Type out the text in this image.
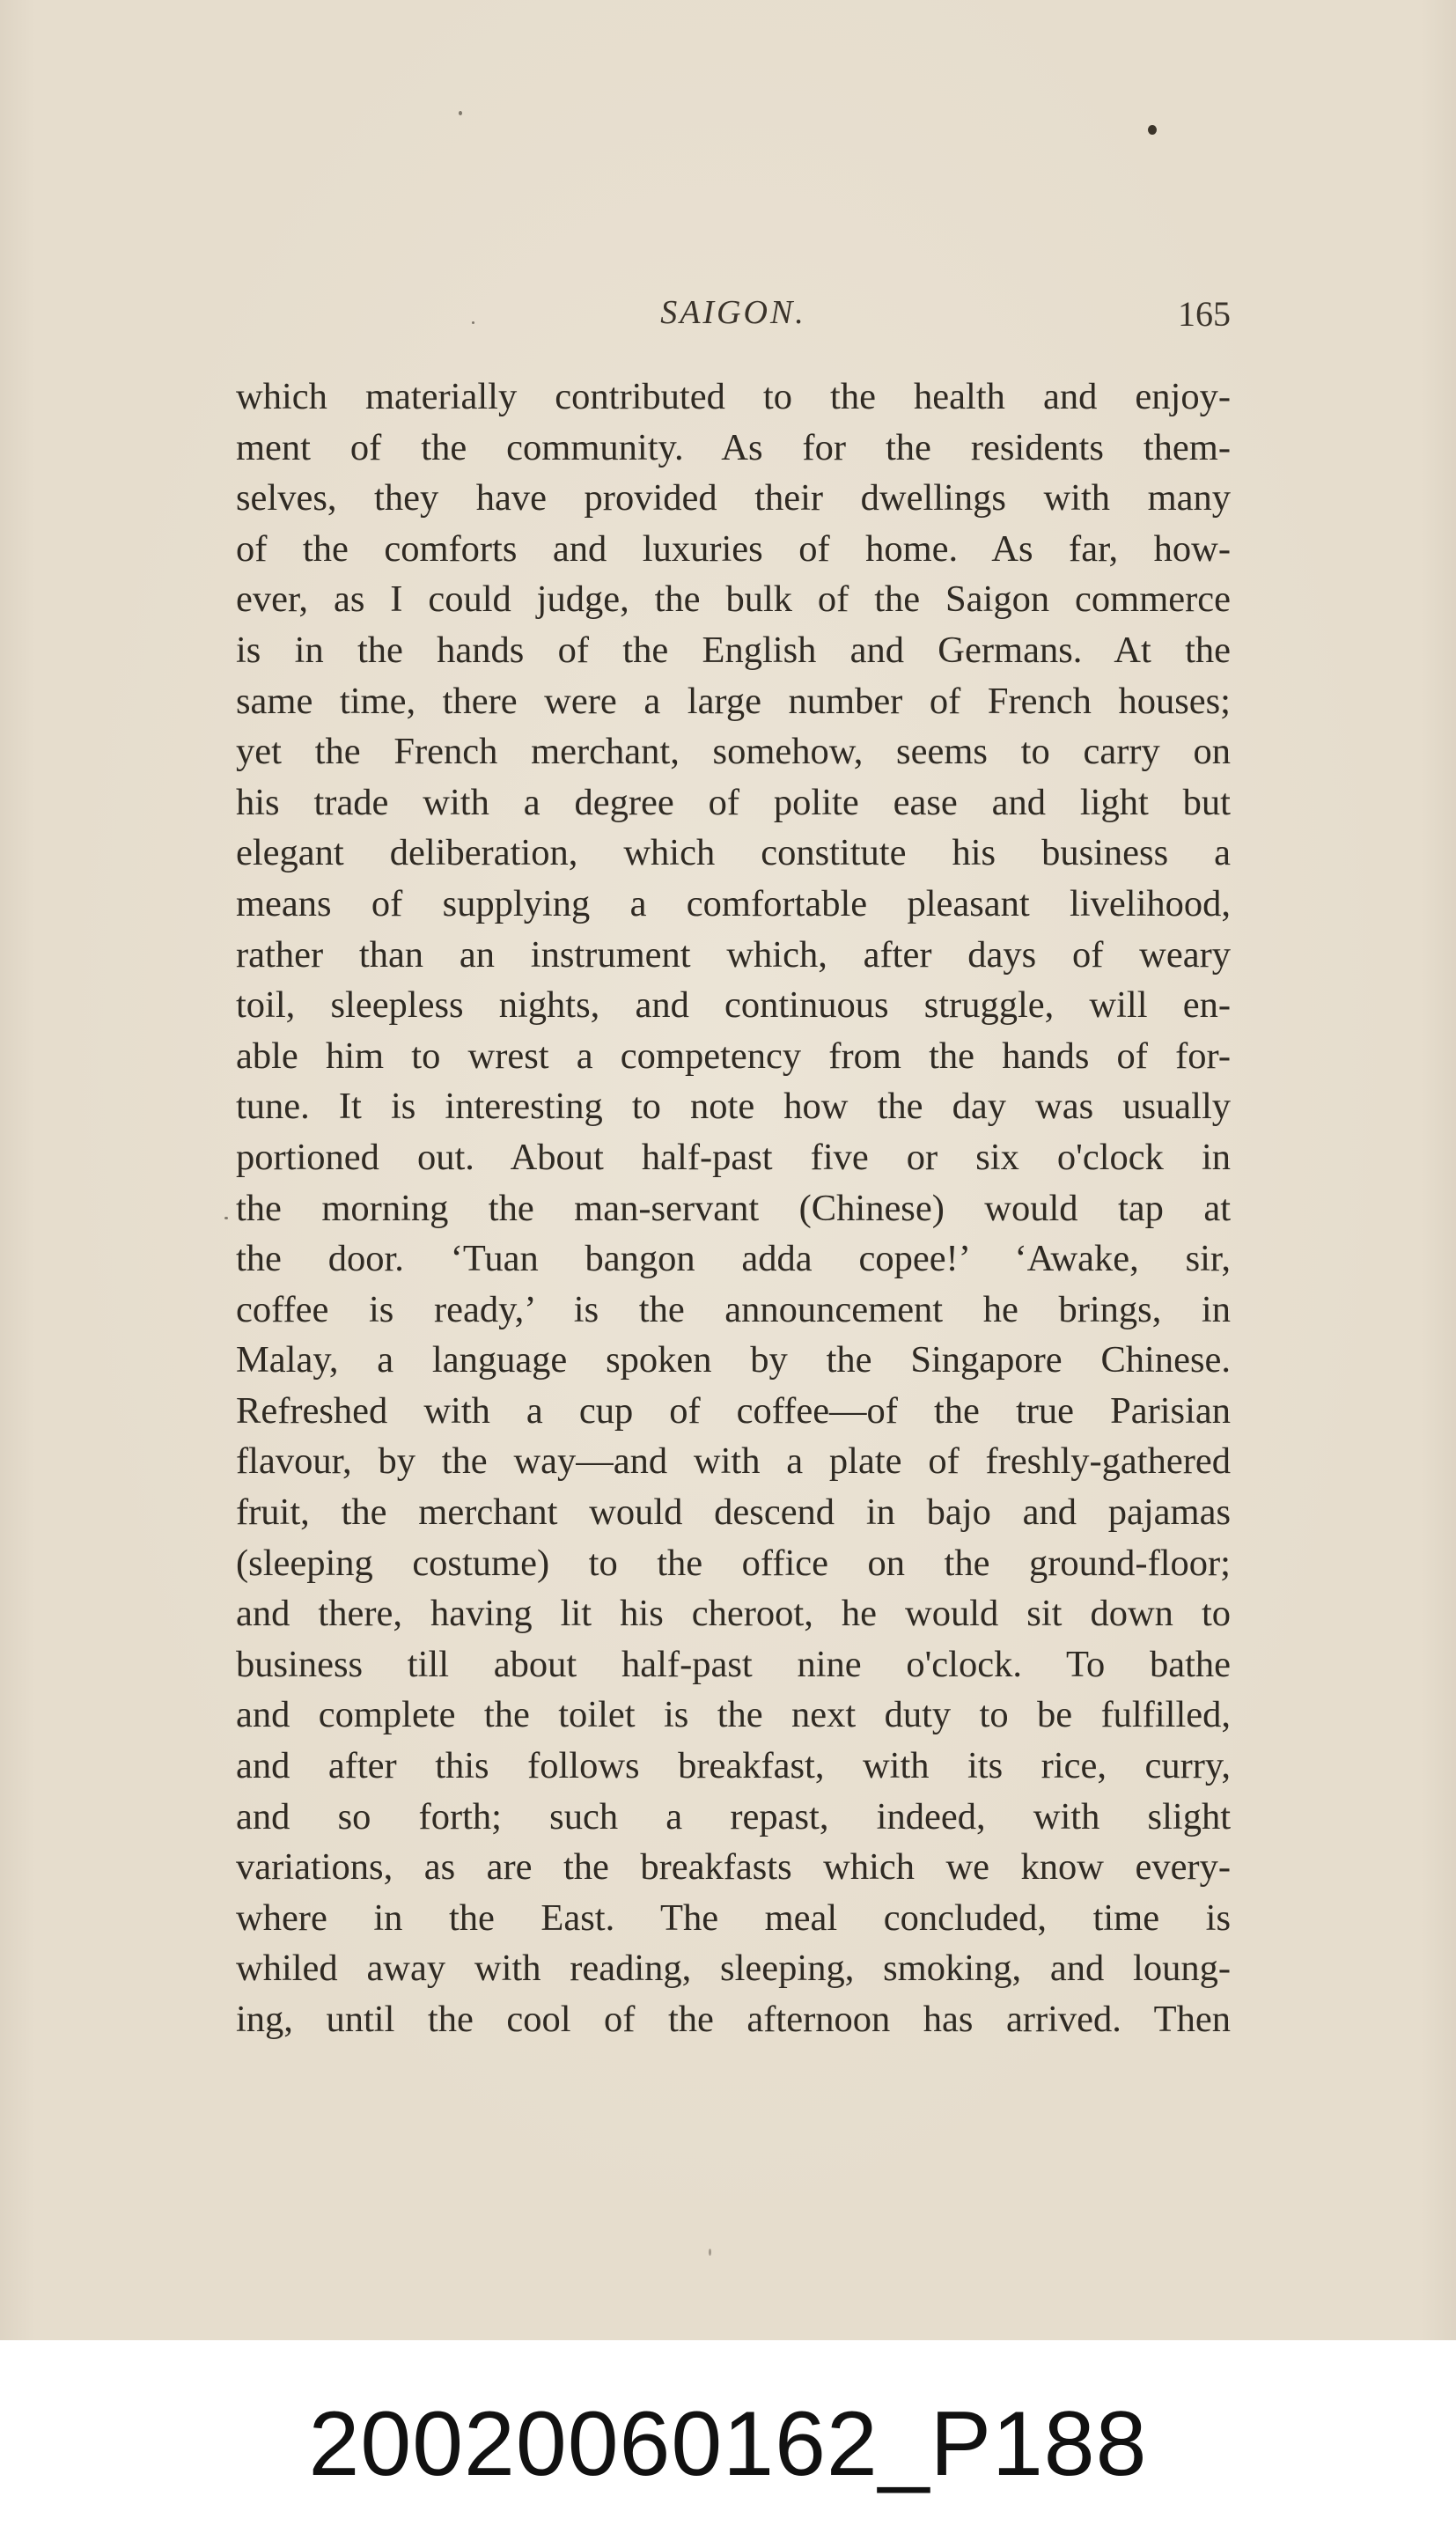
SAIGON.	165
which materially contributed to the health and enjoy-
ment of the community. As for the residents them-
selves, they have provided their dwellings with many
of the comforts and luxuries of home. As far, how-
ever, as I could judge, the bulk of the Saigon commerce
is in the hands of the English and Germans. At the
same time, there were a large number of French houses;
yet the French merchant, somehow, seems to carry on
his trade with a degree of polite ease and light but
elegant deliberation, which constitute his business a
means of supplying a comfortable pleasant livelihood,
rather than an instrument which, after days of weary
toil, sleepless nights, and continuous struggle, will en-
able him to wrest a competency from the hands of for-
tune. It is interesting to note how the day was usually
portioned out. About half-past five or six o'clock in
the morning the man-servant (Chinese) would tap at
the door. ‘Tuan bangon adda copee!’ ‘Awake, sir,
coffee is ready,’ is the announcement he brings, in
Malay, a language spoken by the Singapore Chinese.
Refreshed with a cup of coffee—of the true Parisian
flavour, by the way—and with a plate of freshly-gathered
fruit, the merchant would descend in bajo and pajamas
(sleeping costume) to the office on the ground-floor;
and there, having lit his cheroot, he would sit down to
business till about half-past nine o'clock. To bathe
and complete the toilet is the next duty to be fulfilled,
and after this follows breakfast, with its rice, curry,
and so forth; such a repast, indeed, with slight
variations, as are the breakfasts which we know every-
where in the East. The meal concluded, time is
whiled away with reading, sleeping, smoking, and loung-
ing, until the cool of the afternoon has arrived. Then
20020060162_P188
